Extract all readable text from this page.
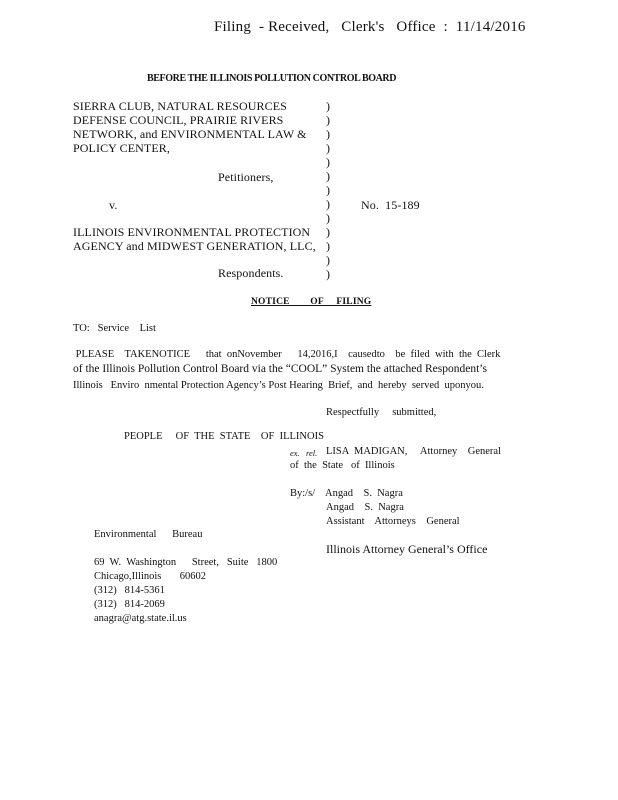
Filing  - Received,   Clerk's   Office  :  11/14/2016
BEFORE THE ILLINOIS POLLUTION CONTROL BOARD
SIERRA CLUB, NATURAL RESOURCES
DEFENSE COUNCIL, PRAIRIE RIVERS
NETWORK, and ENVIRONMENTAL LAW &
POLICY CENTER,
Petitioners,
v.	No.  15-189
ILLINOIS ENVIRONMENTAL PROTECTION
AGENCY and MIDWEST GENERATION, LLC,
Respondents.
)
)
)
)
)
)
)
)
)
)
)
)
)
NOTICE        OF     FILING
TO:   Service    List
PLEASE    TAKENOTICE      that  onNovember      14,2016,I    causedto    be  filed  with  the  Clerk
of the Illinois Pollution Control Board via the “COOL” System the attached Respondent’s
Illinois   Enviro  nmental Protection Agency’s Post Hearing  Brief,  and  hereby  served  uponyou.
Respectfully     submitted,
PEOPLE     OF  THE  STATE    OF  ILLINOIS
ex.   rel. LISA  MADIGAN,     Attorney    General
of  the  State   of  Illinois
By:/s/    Angad    S.  Nagra
Angad    S.  Nagra
Assistant    Attorneys    General
Environmental      Bureau
Illinois Attorney General’s Office
69  W.  Washington      Street,   Suite   1800
Chicago,Illinois       60602
(312)   814-5361
(312)   814-2069
anagra@atg.state.il.us
